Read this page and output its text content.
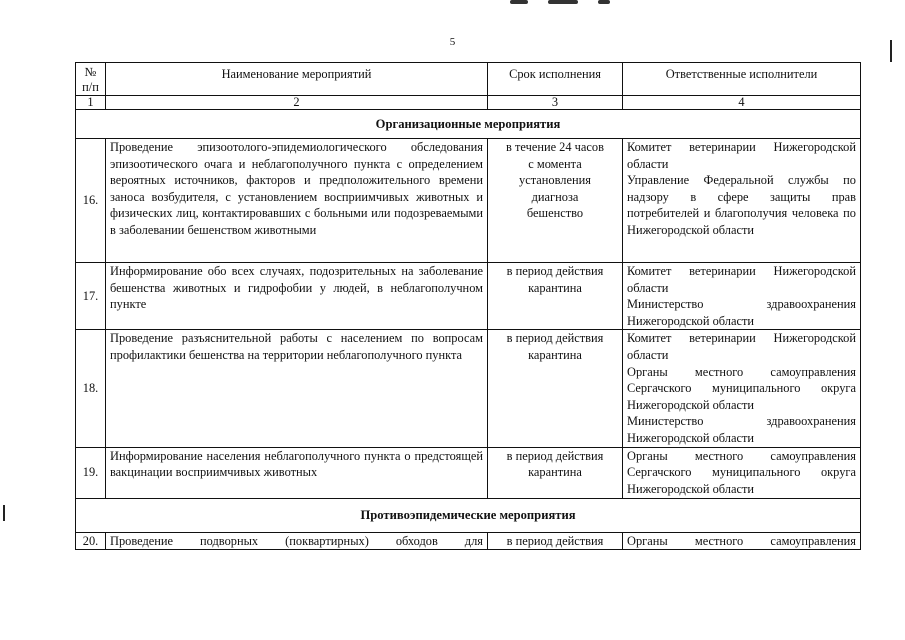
5
№ п/п	Наименование мероприятий	Срок исполнения	Ответственные исполнители
1	2	3	4
Организационные мероприятия			
16.	Проведение эпизоотолого-эпидемиологического обследования эпизоотического очага и неблагополучного пункта с определением вероятных источников, факторов и предположительного времени заноса возбудителя, с установлением восприимчивых животных и физических лиц, контактировавших с больными или подозреваемыми в заболевании бешенством животными	в течение 24 часов с момента установления диагноза бешенство	Комитет ветеринарии Нижегородской области
Управление Федеральной службы по надзору в сфере защиты прав потребителей и благополучия человека по Нижегородской области

17.	Информирование обо всех случаях, подозрительных на заболевание бешенства животных и гидрофобии у людей, в неблагополучном пункте	в период действия карантина	Комитет ветеринарии Нижегородской области
Министерство здравоохранения Нижегородской области

18.	Проведение разъяснительной работы с населением по вопросам профилактики бешенства на территории неблагополучного пункта	в период действия карантина	Комитет ветеринарии Нижегородской области
Органы местного самоуправления Сергачского муниципального округа Нижегородской области
Министерство здравоохранения Нижегородской области

19.	Информирование населения неблагополучного пункта о предстоящей вакцинации восприимчивых животных	в период действия карантина	Органы местного самоуправления Сергачского муниципального округа Нижегородской области

Противоэпидемические мероприятия			
20.	Проведение подворных (поквартирных) обходов для	в период действия	Органы местного самоуправления
